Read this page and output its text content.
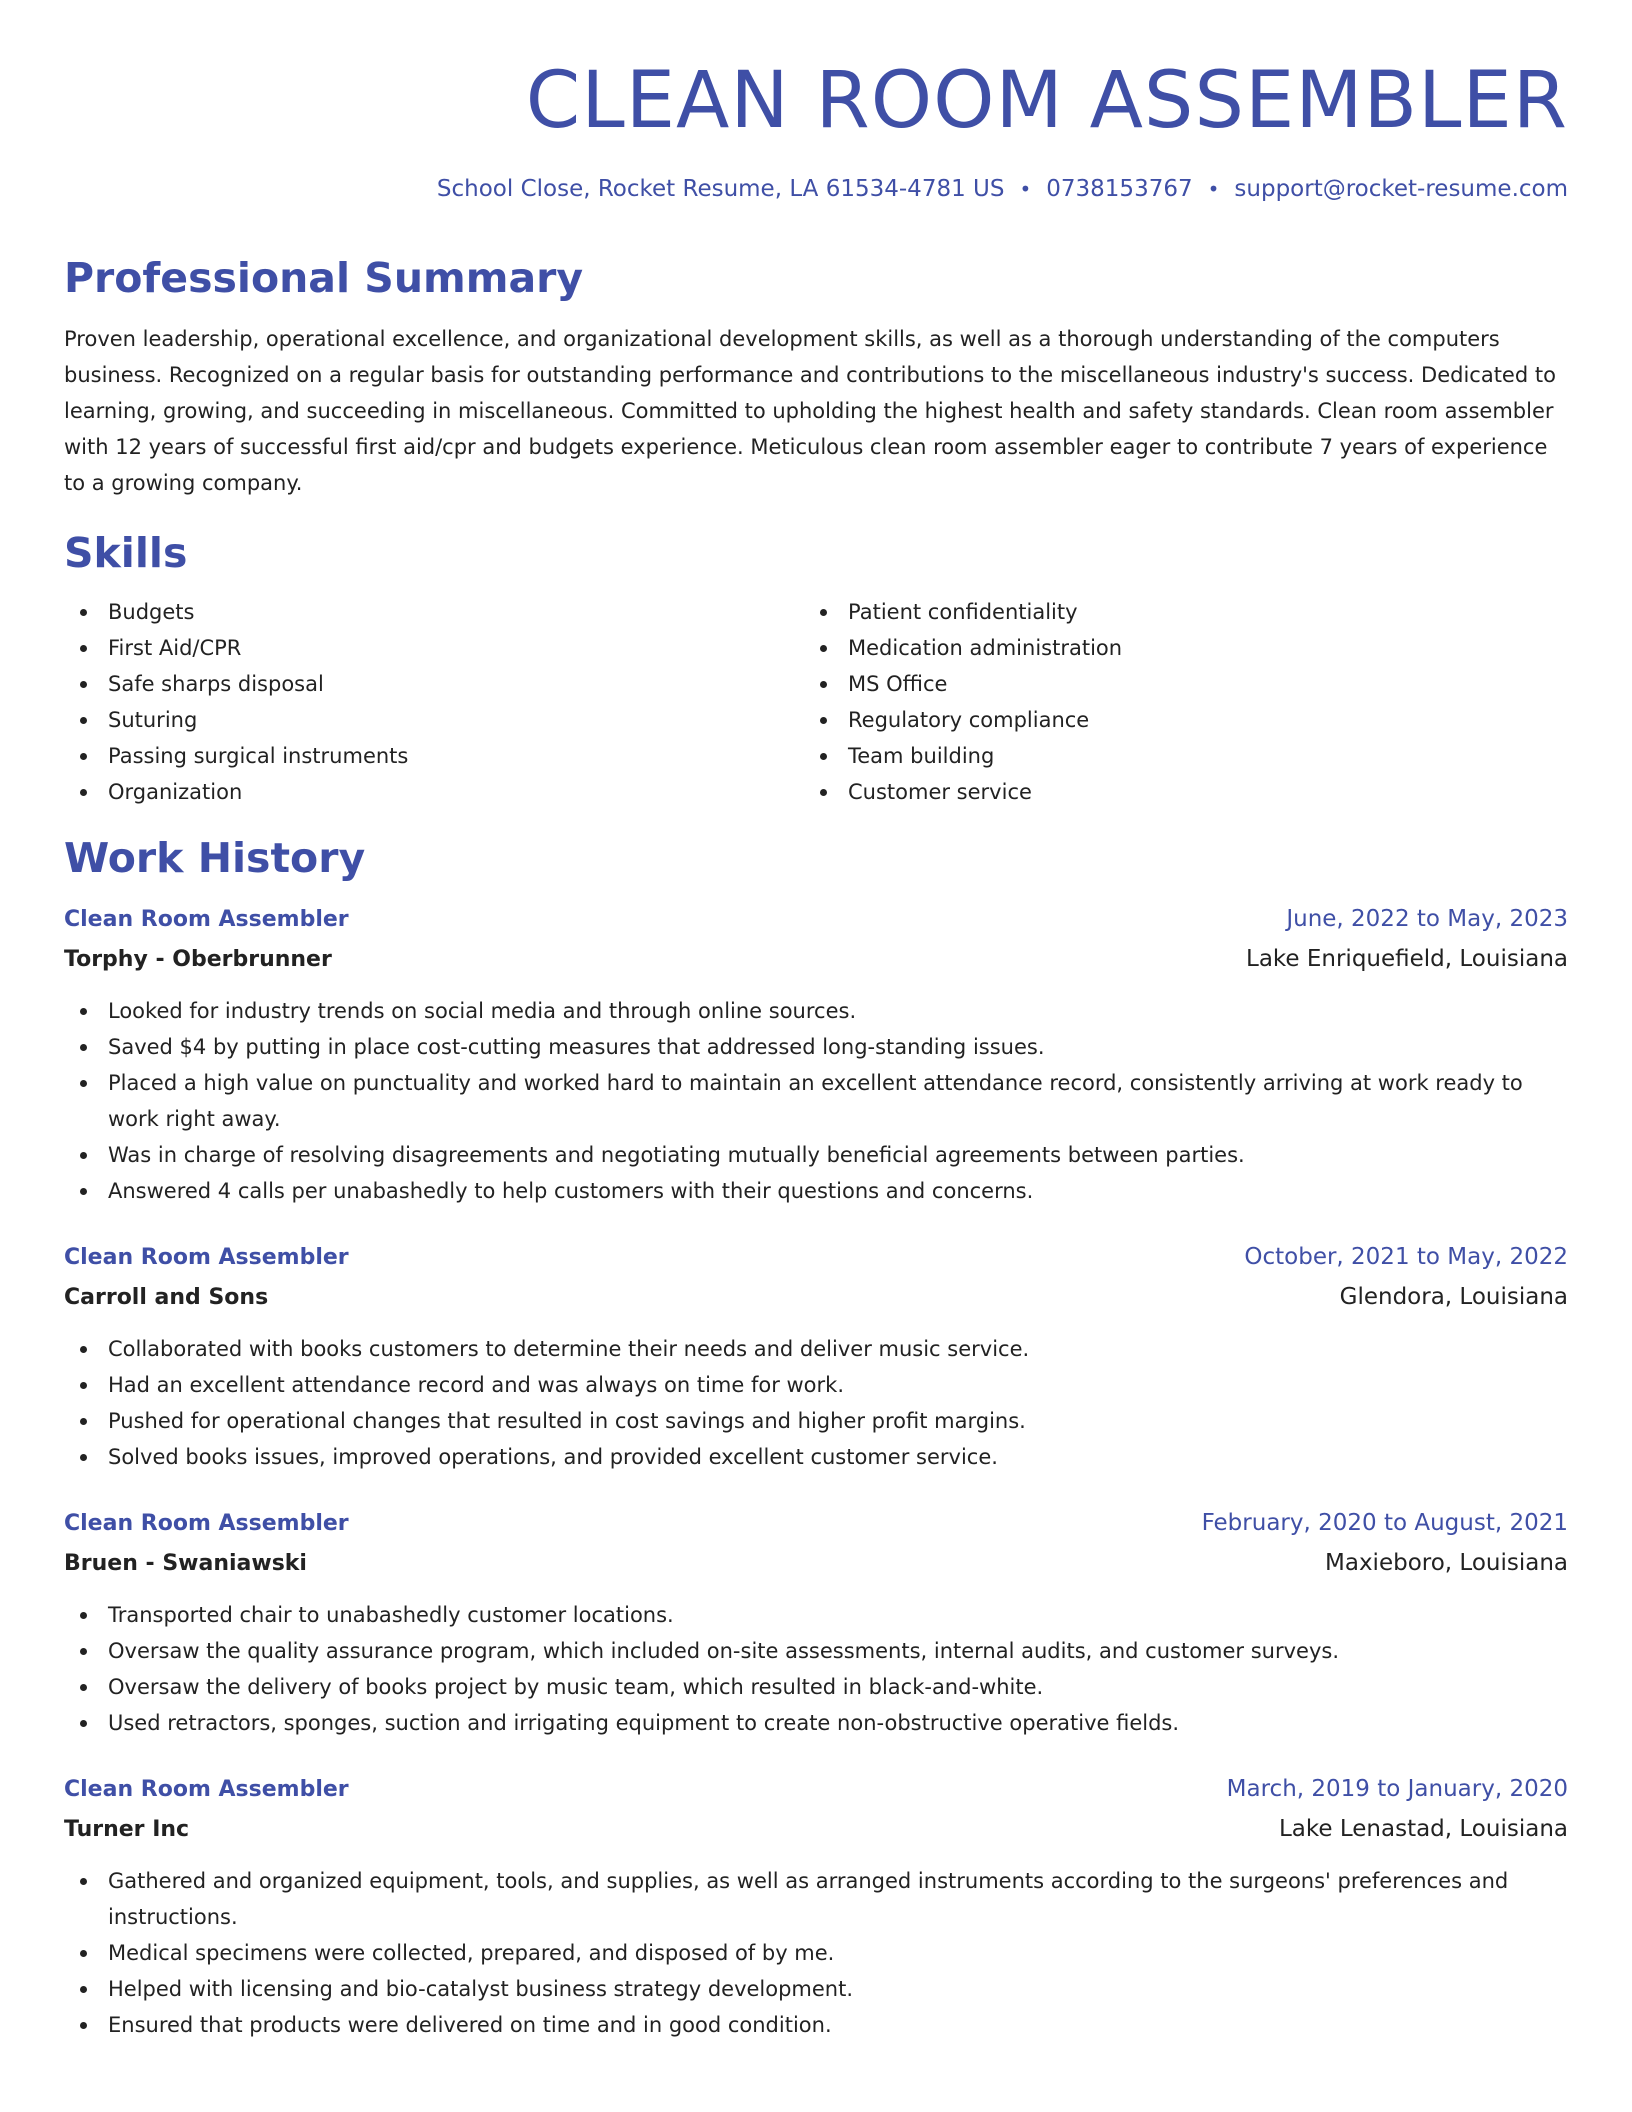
CLEAN ROOM ASSEMBLER
School Close, Rocket Resume, LA 61534-4781 US • 0738153767 • support@rocket-resume.com
Professional Summary

Proven leadership, operational excellence, and organizational development skills, as well as a thorough understanding of the computers business. Recognized on a regular basis for outstanding performance and contributions to the miscellaneous industry's success. Dedicated to learning, growing, and succeeding in miscellaneous. Committed to upholding the highest health and safety standards. Clean room assembler with 12 years of successful first aid/cpr and budgets experience. Meticulous clean room assembler eager to contribute 7 years of experience to a growing company.

Skills
Budgets
First Aid/CPR
Safe sharps disposal
Suturing
Passing surgical instruments
Organization
Patient confidentiality
Medication administration
MS Office
Regulatory compliance
Team building
Customer service
Work History
Clean Room Assembler	June, 2022 to May, 2023
Torphy - Oberbrunner	Lake Enriquefield, Louisiana
Looked for industry trends on social media and through online sources.
Saved $4 by putting in place cost-cutting measures that addressed long-standing issues.
Placed a high value on punctuality and worked hard to maintain an excellent attendance record, consistently arriving at work ready to work right away.
Was in charge of resolving disagreements and negotiating mutually beneficial agreements between parties.
Answered 4 calls per unabashedly to help customers with their questions and concerns.
Clean Room Assembler	October, 2021 to May, 2022
Carroll and Sons	Glendora, Louisiana
Collaborated with books customers to determine their needs and deliver music service.
Had an excellent attendance record and was always on time for work.
Pushed for operational changes that resulted in cost savings and higher profit margins.
Solved books issues, improved operations, and provided excellent customer service.
Clean Room Assembler	February, 2020 to August, 2021
Bruen - Swaniawski	Maxieboro, Louisiana
Transported chair to unabashedly customer locations.
Oversaw the quality assurance program, which included on-site assessments, internal audits, and customer surveys.
Oversaw the delivery of books project by music team, which resulted in black-and-white.
Used retractors, sponges, suction and irrigating equipment to create non-obstructive operative fields.
Clean Room Assembler	March, 2019 to January, 2020
Turner Inc	Lake Lenastad, Louisiana
Gathered and organized equipment, tools, and supplies, as well as arranged instruments according to the surgeons' preferences and instructions.
Medical specimens were collected, prepared, and disposed of by me.
Helped with licensing and bio-catalyst business strategy development.
Ensured that products were delivered on time and in good condition.
